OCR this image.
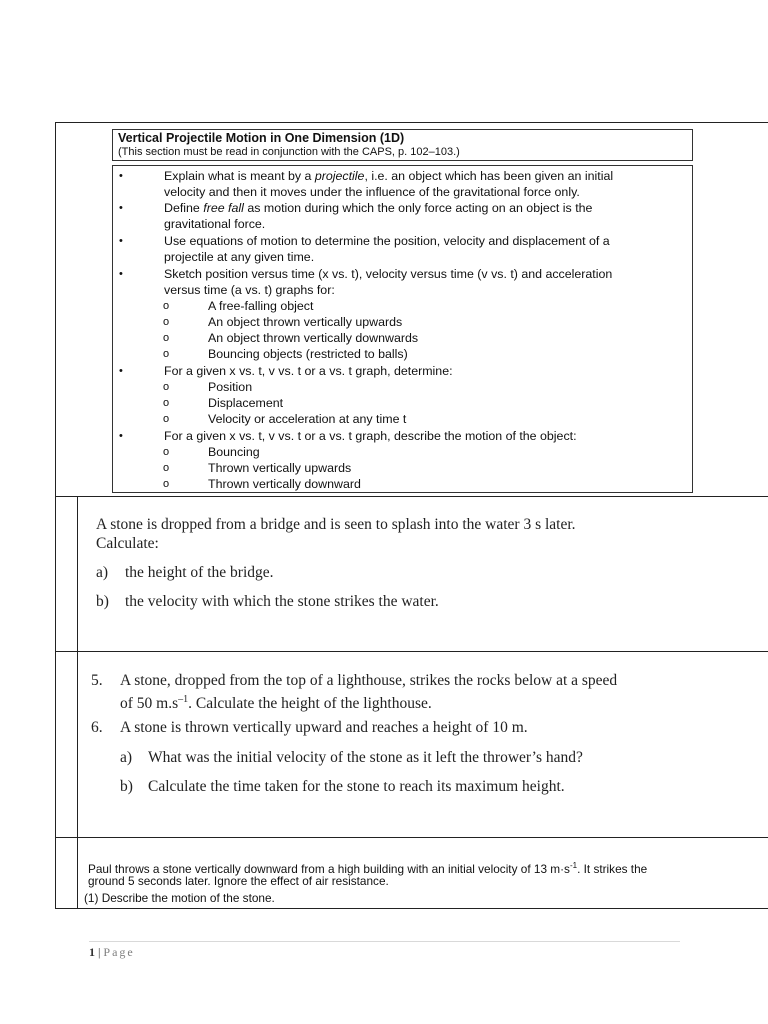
Vertical Projectile Motion in One Dimension (1D)
(This section must be read in conjunction with the CAPS, p. 102–103.)
•	Explain what is meant by a projectile, i.e. an object which has been given an initial
velocity and then it moves under the influence of the gravitational force only.
•	Define free fall as motion during which the only force acting on an object is the
gravitational force.
•	Use equations of motion to determine the position, velocity and displacement of a
projectile at any given time.
•	Sketch position versus time (x vs. t), velocity versus time (v vs. t) and acceleration
versus time (a vs. t) graphs for:
o	A free-falling object
o	An object thrown vertically upwards
o	An object thrown vertically downwards
o	Bouncing objects (restricted to balls)
•	For a given x vs. t, v vs. t or a vs. t graph, determine:
o	Position
o	Displacement
o	Velocity or acceleration at any time t
•	For a given x vs. t, v vs. t or a vs. t graph, describe the motion of the object:
o	Bouncing
o	Thrown vertically upwards
o	Thrown vertically downward
A stone is dropped from a bridge and is seen to splash into the water 3 s later.
Calculate:
a) the height of the bridge.
b) the velocity with which the stone strikes the water.
5. A stone, dropped from the top of a lighthouse, strikes the rocks below at a speed
of 50 $m.s^{-1}$. Calculate the height of the lighthouse.
6. A stone is thrown vertically upward and reaches a height of 10 m.
a) What was the initial velocity of the stone as it left the thrower’s hand?
b) Calculate the time taken for the stone to reach its maximum height.
Paul throws a stone vertically downward from a high building with an initial velocity of 13 $m\cdot s^{-1}$. It strikes the
ground 5 seconds later. Ignore the effect of air resistance.
(1) Describe the motion of the stone.
1 | Page
